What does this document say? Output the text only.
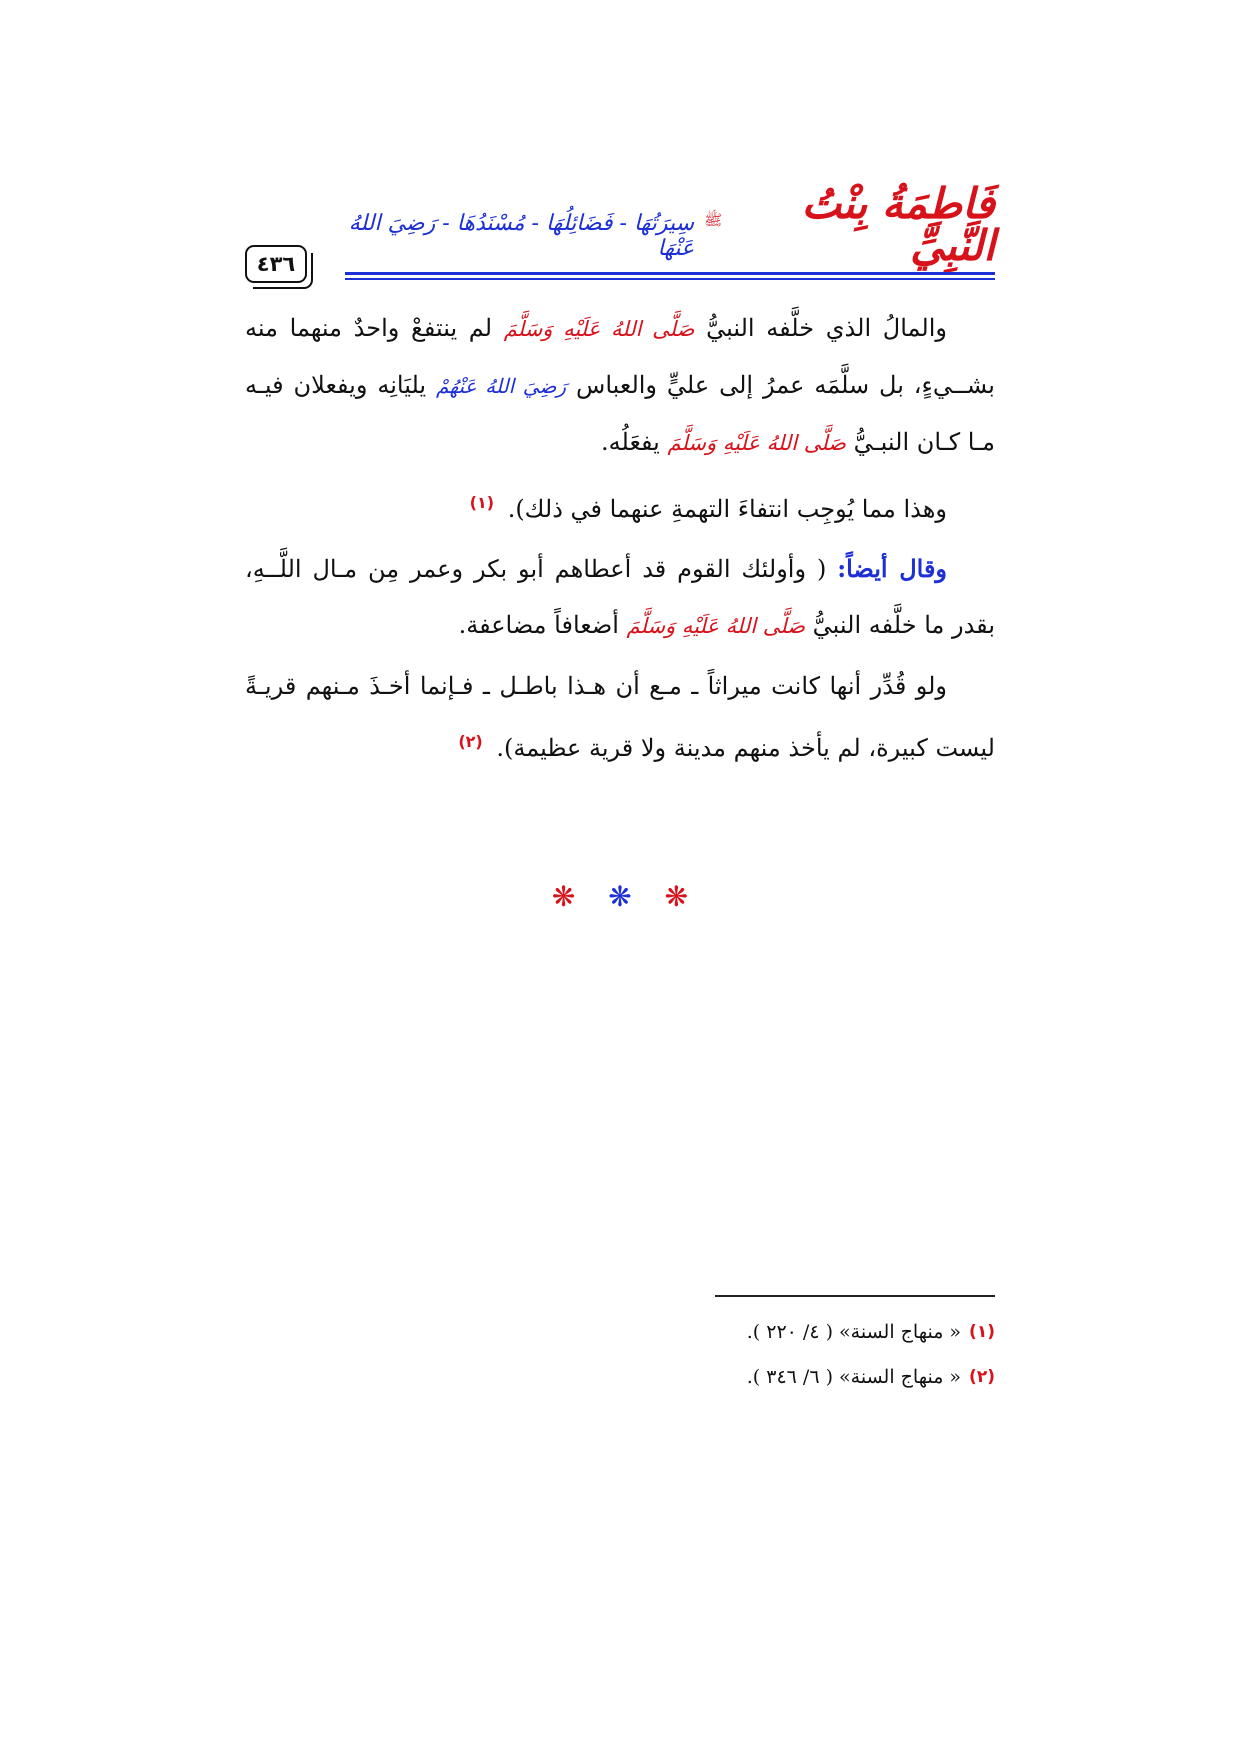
٤٣٦
فَاطِمَةُ بِنْتُ النَّبِيِّ
ﷺ
سِيرَتُهَا - فَضَائِلُهَا - مُسْنَدُهَا - رَضِيَ اللهُ عَنْهَا

والمالُ الذي خلَّفه النبيُّ صَلَّى اللهُ عَلَيْهِ وَسَلَّمَ لم ينتفعْ واحدٌ منهما منه بشــيءٍ، بل سلَّمَه عمرُ إلى عليٍّ والعباس رَضِيَ اللهُ عَنْهُمْ يليَانِه ويفعلان فيـه مـا كـان النبـيُّ صَلَّى اللهُ عَلَيْهِ وَسَلَّمَ يفعَلُه.

وهذا مما يُوجِب انتفاءَ التهمةِ عنهما في ذلك). $^{(١)}$

وقال أيضاً: ( وأولئك القوم قد أعطاهم أبو بكر وعمر مِن مـال اللَّــهِ، بقدر ما خلَّفه النبيُّ صَلَّى اللهُ عَلَيْهِ وَسَلَّمَ أضعافاً مضاعفة.

ولو قُدِّر أنها كانت ميراثاً ـ مـع أن هـذا باطـل ـ فـإنما أخـذَ مـنهم قريـةً ليست كبيرة، لم يأخذ منهم مدينة ولا قرية عظيمة). $^{(٢)}$

❋ ❋ ❋
(١)
« منهاج السنة» ( ٤/ ٢٢٠ ).
(٢)
« منهاج السنة» ( ٦/ ٣٤٦ ).
